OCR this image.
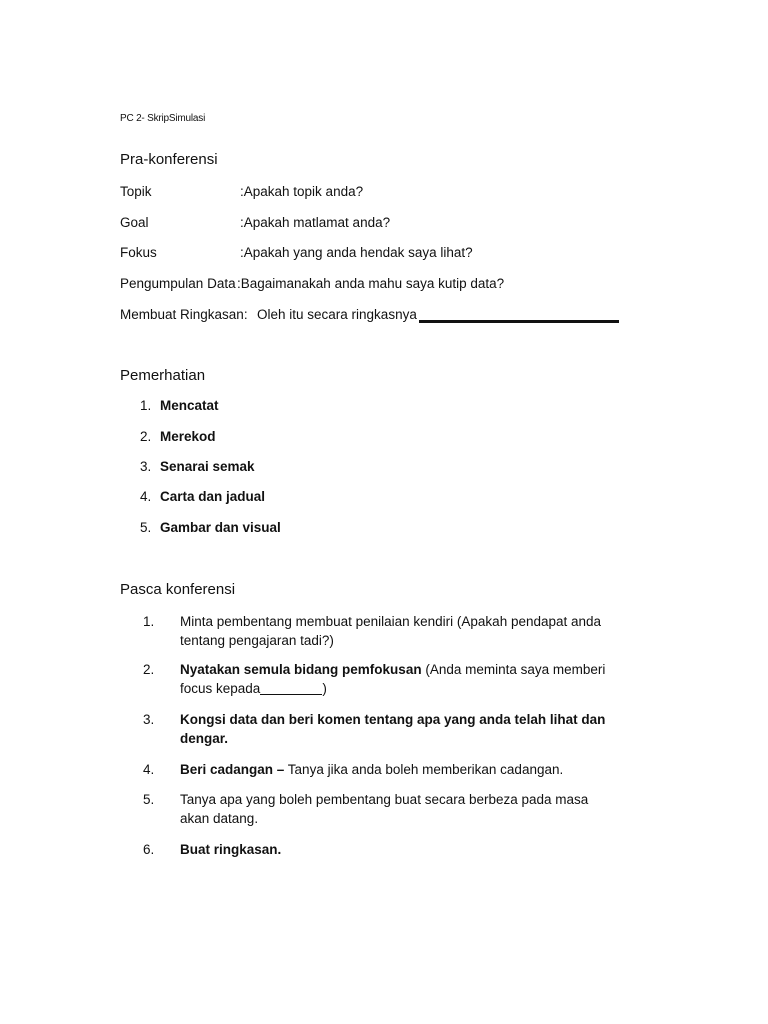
PC 2- SkripSimulasi
Pra-konferensi
Topik	:Apakah topik anda?
Goal	:Apakah matlamat anda?
Fokus	:Apakah yang anda hendak saya lihat?
Pengumpulan Data :Bagaimanakah anda mahu saya kutip data?
Membuat Ringkasan: Oleh itu secara ringkasnya
Pemerhatian
1. Mencatat
2. Merekod
3. Senarai semak
4. Carta dan jadual
5. Gambar dan visual
Pasca konferensi
1. Minta pembentang membuat penilaian kendiri (Apakah pendapat anda tentang pengajaran tadi?)
2. Nyatakan semula bidang pemfokusan (Anda meminta saya memberi focus kepada	)
3. Kongsi data dan beri komen tentang apa yang anda telah lihat dan dengar.
4. Beri cadangan – Tanya jika anda boleh memberikan cadangan.
5. Tanya apa yang boleh pembentang buat secara berbeza pada masa akan datang.
6. Buat ringkasan.
